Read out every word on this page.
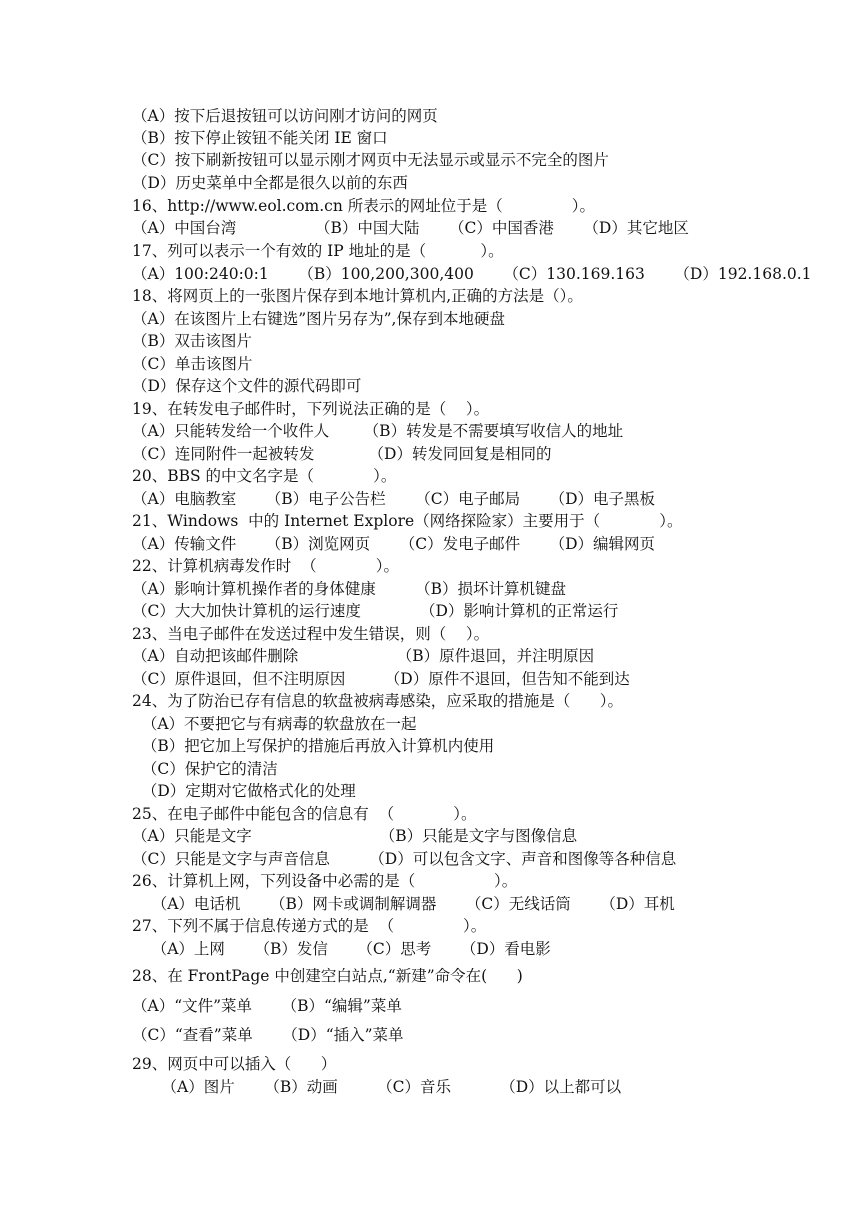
（A）按下后退按钮可以访问刚才访问的网页
（B）按下停止铵钮不能关闭 IE 窗口
（C）按下刷新按钮可以显示刚才网页中无法显示或显示不完全的图片
（D）历史菜单中全都是很久以前的东西
16、http://www.eol.com.cn 所表示的网址位于是（              ）。
（A）中国台湾                （B）中国大陆      （C）中国香港      （D）其它地区
17、列可以表示一个有效的 IP 地址的是（           ）。
（A）100:240:0:1      （B）100,200,300,400      （C）130.169.163      （D）192.168.0.1
18、将网页上的一张图片保存到本地计算机内,正确的方法是（）。
（A）在该图片上右键选”图片另存为”,保存到本地硬盘
（B）双击该图片
（C）单击该图片
（D）保存这个文件的源代码即可
19、在转发电子邮件时，下列说法正确的是（    ）。
（A）只能转发给一个收件人       （B）转发是不需要填写收信人的地址
（C）连同附件一起被转发           （D）转发同回复是相同的
20、BBS 的中文名字是（            ）。
（A）电脑教室      （B）电子公告栏      （C）电子邮局      （D）电子黑板
21、Windows  中的 Internet Explore（网络探险家）主要用于（            ）。
（A）传输文件      （B）浏览网页      （C）发电子邮件      （D）编辑网页
22、计算机病毒发作时  （            ）。
（A）影响计算机操作者的身体健康        （B）损坏计算机键盘
（C）大大加快计算机的运行速度            （D）影响计算机的正常运行
23、当电子邮件在发送过程中发生错误，则（    ）。
（A）自动把该邮件删除                    （B）原件退回，并注明原因
（C）原件退回，但不注明原因        （D）原件不退回，但告知不能到达
24、为了防治已存有信息的软盘被病毒感染，应采取的措施是（      ）。
（A）不要把它与有病毒的软盘放在一起
（B）把它加上写保护的措施后再放入计算机内使用
（C）保护它的清洁
（D）定期对它做格式化的处理
25、在电子邮件中能包含的信息有  （            ）。
（A）只能是文字                          （B）只能是文字与图像信息
（C）只能是文字与声音信息        （D）可以包含文字、声音和图像等各种信息
26、计算机上网，下列设备中必需的是（                ）。
（A）电话机      （B）网卡或调制解调器      （C）无线话筒      （D）耳机
27、下列不属于信息传递方式的是  （              ）。
（A）上网      （B）发信      （C）思考      （D）看电影
28、在 FrontPage 中创建空白站点,“新建”命令在(      )
（A）“文件”菜单      （B）“编辑”菜单
（C）“查看”菜单      （D）“插入”菜单
29、网页中可以插入（      ）
（A）图片      （B）动画        （C）音乐          （D）以上都可以
